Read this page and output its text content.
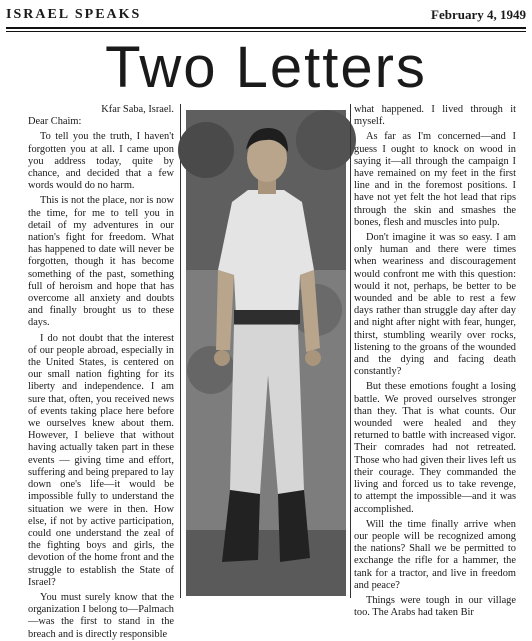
ISRAEL SPEAKS	February 4, 1949
Two Letters
Kfar Saba, Israel.

Dear Chaim:

To tell you the truth, I haven't forgotten you at all. I came upon you address today, quite by chance, and decided that a few words would do no harm.

This is not the place, nor is now the time, for me to tell you in detail of my adventures in our nation's fight for freedom. What has happened to date will never be forgotten, though it has become something of the past, something full of heroism and hope that has overcome all anxiety and doubts and finally brought us to these days.

I do not doubt that the interest of our people abroad, especially in the United States, is centered on our small nation fighting for its liberty and independence. I am sure that, often, you received news of events taking place here before we ourselves knew about them. However, I believe that without having actually taken part in these events — giving time and effort, suffering and being prepared to lay down one's life—it would be impossible fully to understand the situation we were in then. How else, if not by active participation, could one understand the zeal of the fighting boys and girls, the devotion of the home front and the struggle to establish the State of Israel?

You must surely know that the organization I belong to—Palmach—was the first to stand in the breach and is directly responsible

what happened. I lived through it myself.

As far as I'm concerned—and I guess I ought to knock on wood in saying it—all through the campaign I have remained on my feet in the first line and in the foremost positions. I have not yet felt the hot lead that rips through the skin and smashes the bones, flesh and muscles into pulp.

Don't imagine it was so easy. I am only human and there were times when weariness and discouragement would confront me with this question: would it not, perhaps, be better to be wounded and be able to rest a few days rather than struggle day after day and night after night with fear, hunger, thirst, stumbling wearily over rocks, listening to the groans of the wounded and the dying and facing death constantly?

But these emotions fought a losing battle. We proved ourselves stronger than they. That is what counts. Our wounded were healed and they returned to battle with increased vigor. Their comrades had not retreated. Those who had given their lives left us their courage. They commanded the living and forced us to take revenge, to attempt the impossible—and it was accomplished.

Will the time finally arrive when our people will be recognized among the nations? Shall we be permitted to exchange the rifle for a hammer, the tank for a tractor, and live in freedom and peace?

Things were tough in our village too. The Arabs had taken Bir
